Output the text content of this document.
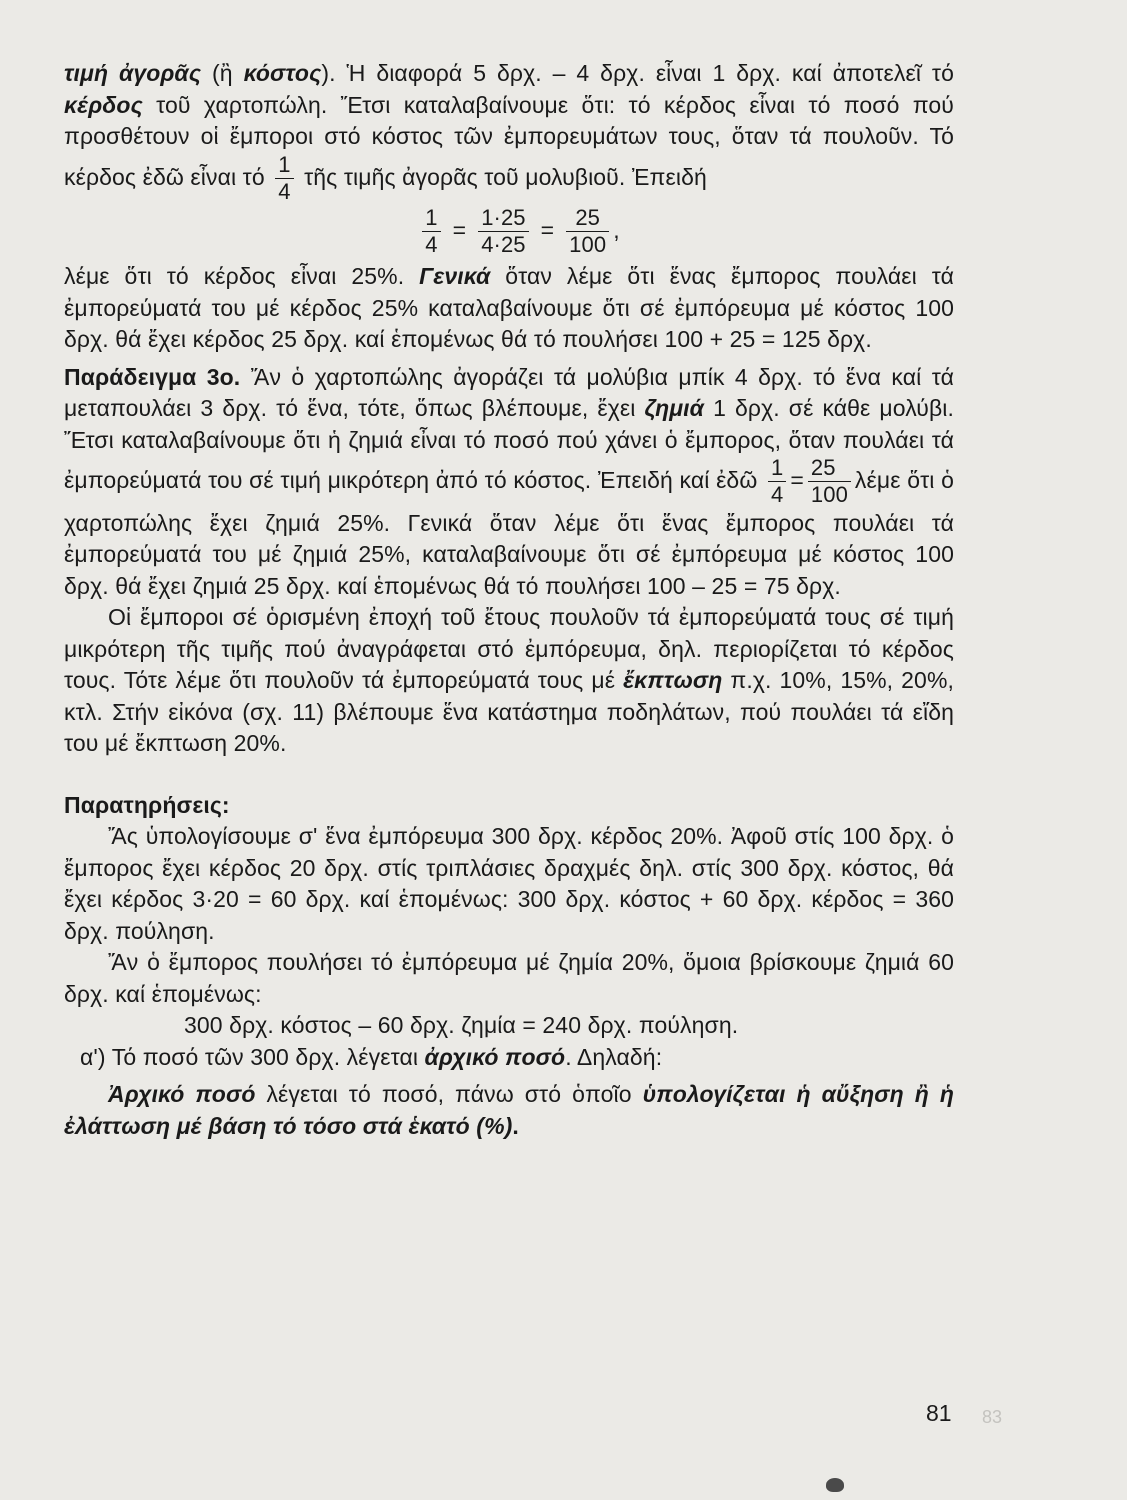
τιμή ἀγορᾶς (ἢ κόστος). Ἡ διαφορά 5 δρχ. – 4 δρχ. εἶναι 1 δρχ. καί ἀποτελεῖ τό κέρδος τοῦ χαρτοπώλη. Ἔτσι καταλαβαίνουμε ὅτι: τό κέρδος εἶναι τό ποσό πού προσθέτουν οἱ ἔμποροι στό κόστος τῶν ἐμπορευμάτων τους, ὅταν τά πουλοῦν. Τό κέρδος ἐδῶ εἶναι τό $\frac{1}{4}$ τῆς τιμῆς ἀγορᾶς τοῦ μολυβιοῦ. Ἐπειδή

$\frac{1}{4} = \frac{1\cdot 25}{4\cdot 25} = \frac{25}{100}$ ,

λέμε ὅτι τό κέρδος εἶναι 25%. Γενικά ὅταν λέμε ὅτι ἕνας ἔμπορος πουλάει τά ἐμπορεύματά του μέ κέρδος 25% καταλαβαίνουμε ὅτι σέ ἐμπόρευμα μέ κόστος 100 δρχ. θά ἔχει κέρδος 25 δρχ. καί ἑπομένως θά τό πουλήσει 100 + 25 = 125 δρχ.

Παράδειγμα 3ο. Ἄν ὁ χαρτοπώλης ἀγοράζει τά μολύβια μπίκ 4 δρχ. τό ἕνα καί τά μεταπουλάει 3 δρχ. τό ἕνα, τότε, ὅπως βλέπουμε, ἔχει ζημιά 1 δρχ. σέ κάθε μολύβι. Ἔτσι καταλαβαίνουμε ὅτι ἡ ζημιά εἶναι τό ποσό πού χάνει ὁ ἔμπορος, ὅταν πουλάει τά ἐμπορεύματά του σέ τιμή μικρότερη ἀπό τό κόστος. Ἐπειδή καί ἐδῶ $\frac{1}{4} = \frac{25}{100}$ λέμε ὅτι ὁ χαρτοπώλης ἔχει ζημιά 25%. Γενικά ὅταν λέμε ὅτι ἕνας ἔμπορος πουλάει τά ἐμπορεύματά του μέ ζημιά 25%, καταλαβαίνουμε ὅτι σέ ἐμπόρευμα μέ κόστος 100 δρχ. θά ἔχει ζημιά 25 δρχ. καί ἑπομένως θά τό πουλήσει 100 – 25 = 75 δρχ.

Οἱ ἔμποροι σέ ὁρισμένη ἐποχή τοῦ ἔτους πουλοῦν τά ἐμπορεύματά τους σέ τιμή μικρότερη τῆς τιμῆς πού ἀναγράφεται στό ἐμπόρευμα, δηλ. περιορίζεται τό κέρδος τους. Τότε λέμε ὅτι πουλοῦν τά ἐμπορεύματά τους μέ ἔκπτωση π.χ. 10%, 15%, 20%, κτλ. Στήν εἰκόνα (σχ. 11) βλέπουμε ἕνα κατάστημα ποδηλάτων, πού πουλάει τά εἴδη του μέ ἔκπτωση 20%.

Παρατηρήσεις:

Ἄς ὑπολογίσουμε σ' ἕνα ἐμπόρευμα 300 δρχ. κέρδος 20%. Ἀφοῦ στίς 100 δρχ. ὁ ἔμπορος ἔχει κέρδος 20 δρχ. στίς τριπλάσιες δραχμές δηλ. στίς 300 δρχ. κόστος, θά ἔχει κέρδος 3·20 = 60 δρχ. καί ἑπομένως: 300 δρχ. κόστος + 60 δρχ. κέρδος = 360 δρχ. πούληση.

Ἄν ὁ ἔμπορος πουλήσει τό ἐμπόρευμα μέ ζημία 20%, ὅμοια βρίσκουμε ζημιά 60 δρχ. καί ἑπομένως:

300 δρχ. κόστος – 60 δρχ. ζημία = 240 δρχ. πούληση.

α') Τό ποσό τῶν 300 δρχ. λέγεται ἀρχικό ποσό. Δηλαδή:

Ἀρχικό ποσό λέγεται τό ποσό, πάνω στό ὁποῖο ὑπολογίζεται ἡ αὔξηση ἢ ἡ ἐλάττωση μέ βάση τό τόσο στά ἑκατό (%).

81 83
